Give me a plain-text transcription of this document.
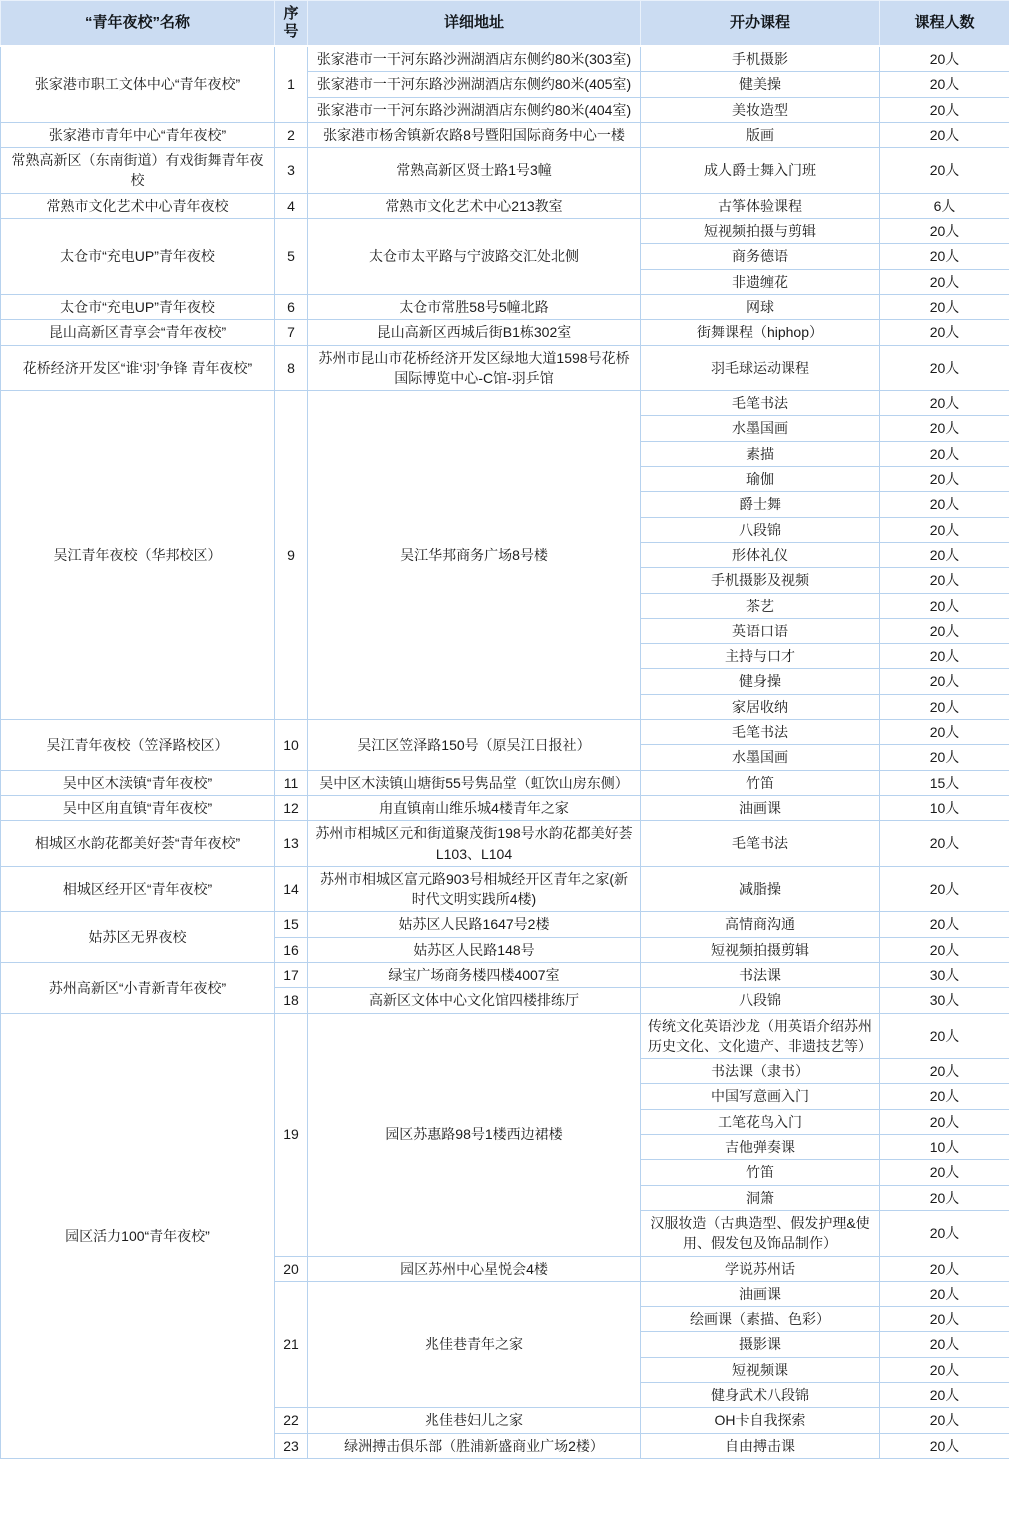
“青年夜校”名称	序号	详细地址	开办课程	课程人数
张家港市职工文体中心“青年夜校”	1	张家港市一干河东路沙洲湖酒店东侧约80米(303室)	手机摄影	20人
		张家港市一干河东路沙洲湖酒店东侧约80米(405室)	健美操	20人
		张家港市一干河东路沙洲湖酒店东侧约80米(404室)	美妆造型	20人
张家港市青年中心“青年夜校”	2	张家港市杨舍镇新农路8号暨阳国际商务中心一楼	版画	20人
常熟高新区（东南街道）有戏街舞青年夜校	3	常熟高新区贤士路1号3幢	成人爵士舞入门班	20人
常熟市文化艺术中心青年夜校	4	常熟市文化艺术中心213教室	古筝体验课程	6人
太仓市“充电UP”青年夜校	5	太仓市太平路与宁波路交汇处北侧	短视频拍摄与剪辑	20人
			商务德语	20人
			非遗缠花	20人
太仓市“充电UP”青年夜校	6	太仓市常胜58号5幢北路	网球	20人
昆山高新区青享会“青年夜校”	7	昆山高新区西城后街B1栋302室	街舞课程（hiphop）	20人
花桥经济开发区“谁‘羽’争锋 青年夜校”	8	苏州市昆山市花桥经济开发区绿地大道1598号花桥国际博览中心-C馆-羽乒馆	羽毛球运动课程	20人
吴江青年夜校（华邦校区）	9	吴江华邦商务广场8号楼	毛笔书法	20人
			水墨国画	20人
			素描	20人
			瑜伽	20人
			爵士舞	20人
			八段锦	20人
			形体礼仪	20人
			手机摄影及视频	20人
			茶艺	20人
			英语口语	20人
			主持与口才	20人
			健身操	20人
			家居收纳	20人
吴江青年夜校（笠泽路校区）	10	吴江区笠泽路150号（原吴江日报社）	毛笔书法	20人
			水墨国画	20人
吴中区木渎镇“青年夜校”	11	吴中区木渎镇山塘街55号隽品堂（虹饮山房东侧）	竹笛	15人
吴中区甪直镇“青年夜校”	12	甪直镇南山维乐城4楼青年之家	油画课	10人
相城区水韵花都美好荟“青年夜校”	13	苏州市相城区元和街道聚茂街198号水韵花都美好荟L103、L104	毛笔书法	20人
相城区经开区“青年夜校”	14	苏州市相城区富元路903号相城经开区青年之家(新时代文明实践所4楼)	减脂操	20人
姑苏区无界夜校	15	姑苏区人民路1647号2楼	高情商沟通	20人
	16	姑苏区人民路148号	短视频拍摄剪辑	20人
苏州高新区“小青新青年夜校”	17	绿宝广场商务楼四楼4007室	书法课	30人
	18	高新区文体中心文化馆四楼排练厅	八段锦	30人
园区活力100“青年夜校”	19	园区苏惠路98号1楼西边裙楼	传统文化英语沙龙（用英语介绍苏州历史文化、文化遗产、非遗技艺等）	20人
			书法课（隶书）	20人
			中国写意画入门	20人
			工笔花鸟入门	20人
			吉他弹奏课	10人
			竹笛	20人
			洞箫	20人
			汉服妆造（古典造型、假发护理&使用、假发包及饰品制作）	20人
	20	园区苏州中心星悦会4楼	学说苏州话	20人
	21	兆佳巷青年之家	油画课	20人
			绘画课（素描、色彩）	20人
			摄影课	20人
			短视频课	20人
			健身武术八段锦	20人
	22	兆佳巷妇儿之家	OH卡自我探索	20人
	23	绿洲搏击俱乐部（胜浦新盛商业广场2楼）	自由搏击课	20人
